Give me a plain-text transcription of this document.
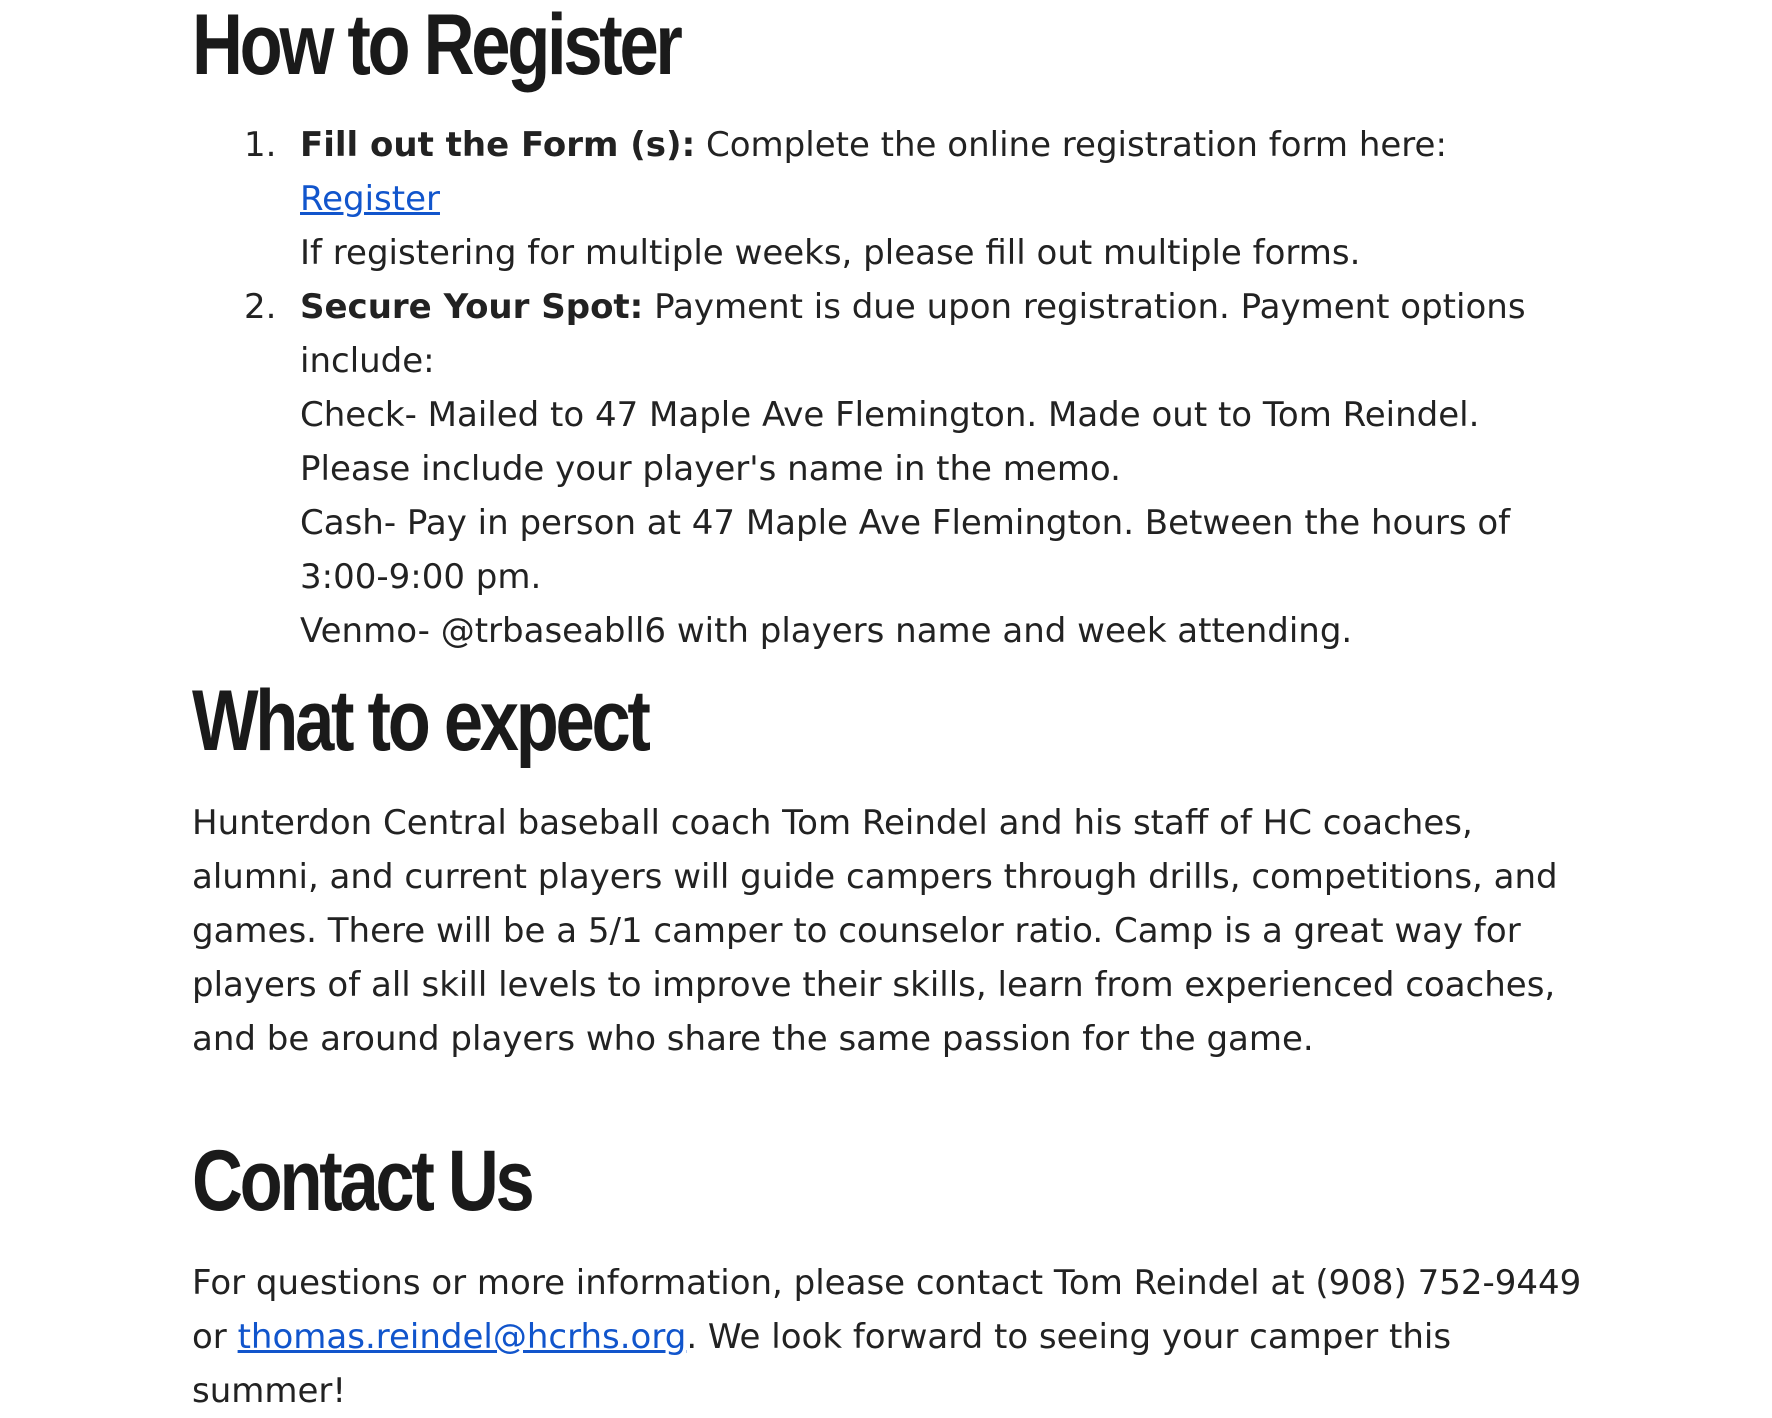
How to Register
1. Fill out the Form (s): Complete the online registration form here: Register
If registering for multiple weeks, please fill out multiple forms.
2. Secure Your Spot: Payment is due upon registration. Payment options include:
Check- Mailed to 47 Maple Ave Flemington. Made out to Tom Reindel. Please include your player's name in the memo.
Cash- Pay in person at 47 Maple Ave Flemington. Between the hours of 3:00-9:00 pm.
Venmo- @trbaseabll6 with players name and week attending.
What to expect

Hunterdon Central baseball coach Tom Reindel and his staff of HC coaches, alumni, and current players will guide campers through drills, competitions, and games. There will be a 5/1 camper to counselor ratio. Camp is a great way for players of all skill levels to improve their skills, learn from experienced coaches, and be around players who share the same passion for the game.

Contact Us

For questions or more information, please contact Tom Reindel at (908) 752-9449 or thomas.reindel@hcrhs.org. We look forward to seeing your camper this summer!
